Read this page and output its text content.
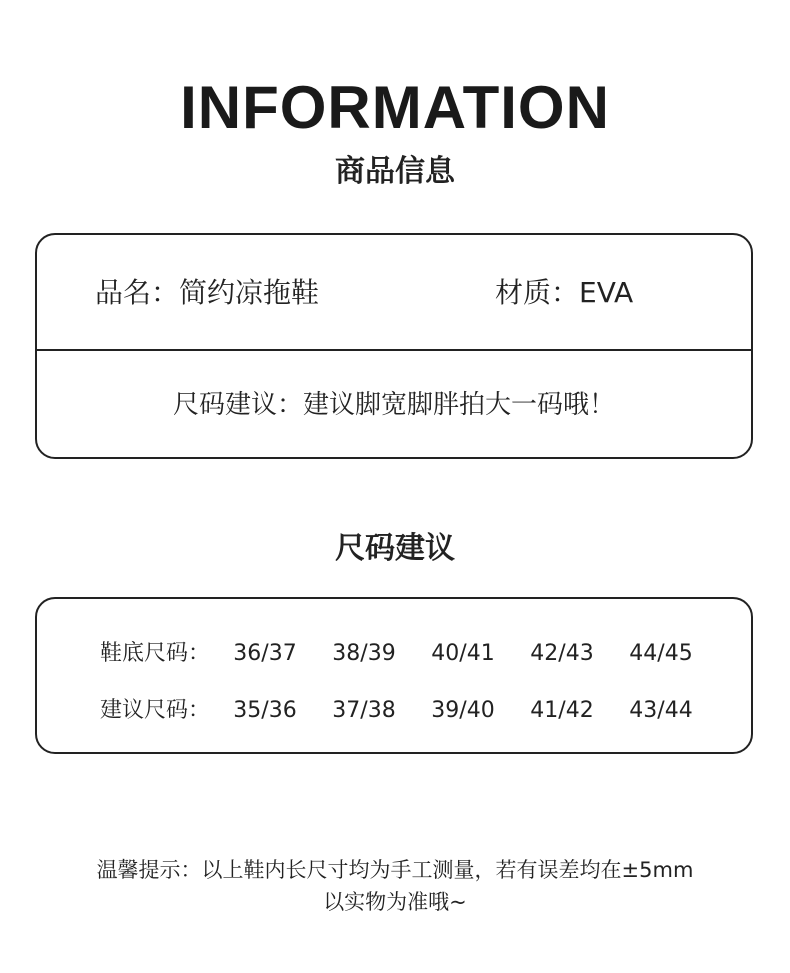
INFORMATION
商品信息
品名：简约凉拖鞋	材质：EVA
尺码建议：建议脚宽脚胖拍大一码哦！
尺码建议
鞋底尺码：	36/37	38/39	40/41	42/43	44/45
建议尺码：	35/36	37/38	39/40	41/42	43/44
温馨提示：以上鞋内长尺寸均为手工测量，若有误差均在±5mm
以实物为准哦~
